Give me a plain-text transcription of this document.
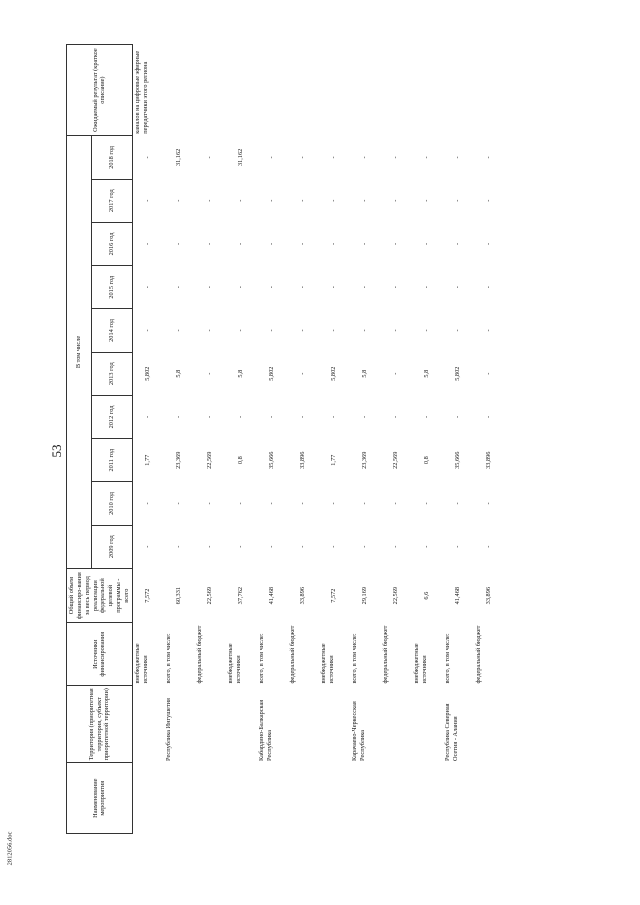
53
Наименование мероприятия	Территория (приоритетная территория, субъект приоритетной территории)	Источники финансирования	Общий объем финансиро-вания за весь период реализации федеральной целевой программы - всего	В том числе										Ожидаемый результат (краткое описание)
				2009 год	2010 год	2011 год	2012 год	2013 год	2014 год	2015 год	2016 год	2017 год	2018 год	
		внебюджетные источники	7,572	-	-	1,77	-	5,802	-	-	-	-	-	каналов на цифровые эфирные передатчики этого региона
	Республика Ингушетия	всего, в том числе:	60,331	-	-	23,369	-	5,8	-	-	-	-	31,162	
		федеральный бюджет	22,569	-	-	22,569	-	-	-	-	-	-	-	
		внебюджетные источники	37,762	-	-	0,8	-	5,8	-	-	-	-	31,162	
	Кабардино-Балкарская Республика	всего, в том числе:	41,468	-	-	35,666	-	5,802	-	-	-	-	-	
		федеральный бюджет	33,896	-	-	33,896	-	-	-	-	-	-	-	
		внебюджетные источники	7,572	-	-	1,77	-	5,802	-	-	-	-	-	
	Карачаево-Черкесская Республика	всего, в том числе:	29,169	-	-	23,369	-	5,8	-	-	-	-	-	
		федеральный бюджет	22,569	-	-	22,569	-	-	-	-	-	-	-	
		внебюджетные источники	6,6	-	-	0,8	-	5,8	-	-	-	-	-	
	Республика Северная Осетия - Алания	всего, в том числе:	41,468	-	-	35,666	-	5,802	-	-	-	-	-	
		федеральный бюджет	33,896	-	-	33,896	-	-	-	-	-	-	-	
2812056.doc
